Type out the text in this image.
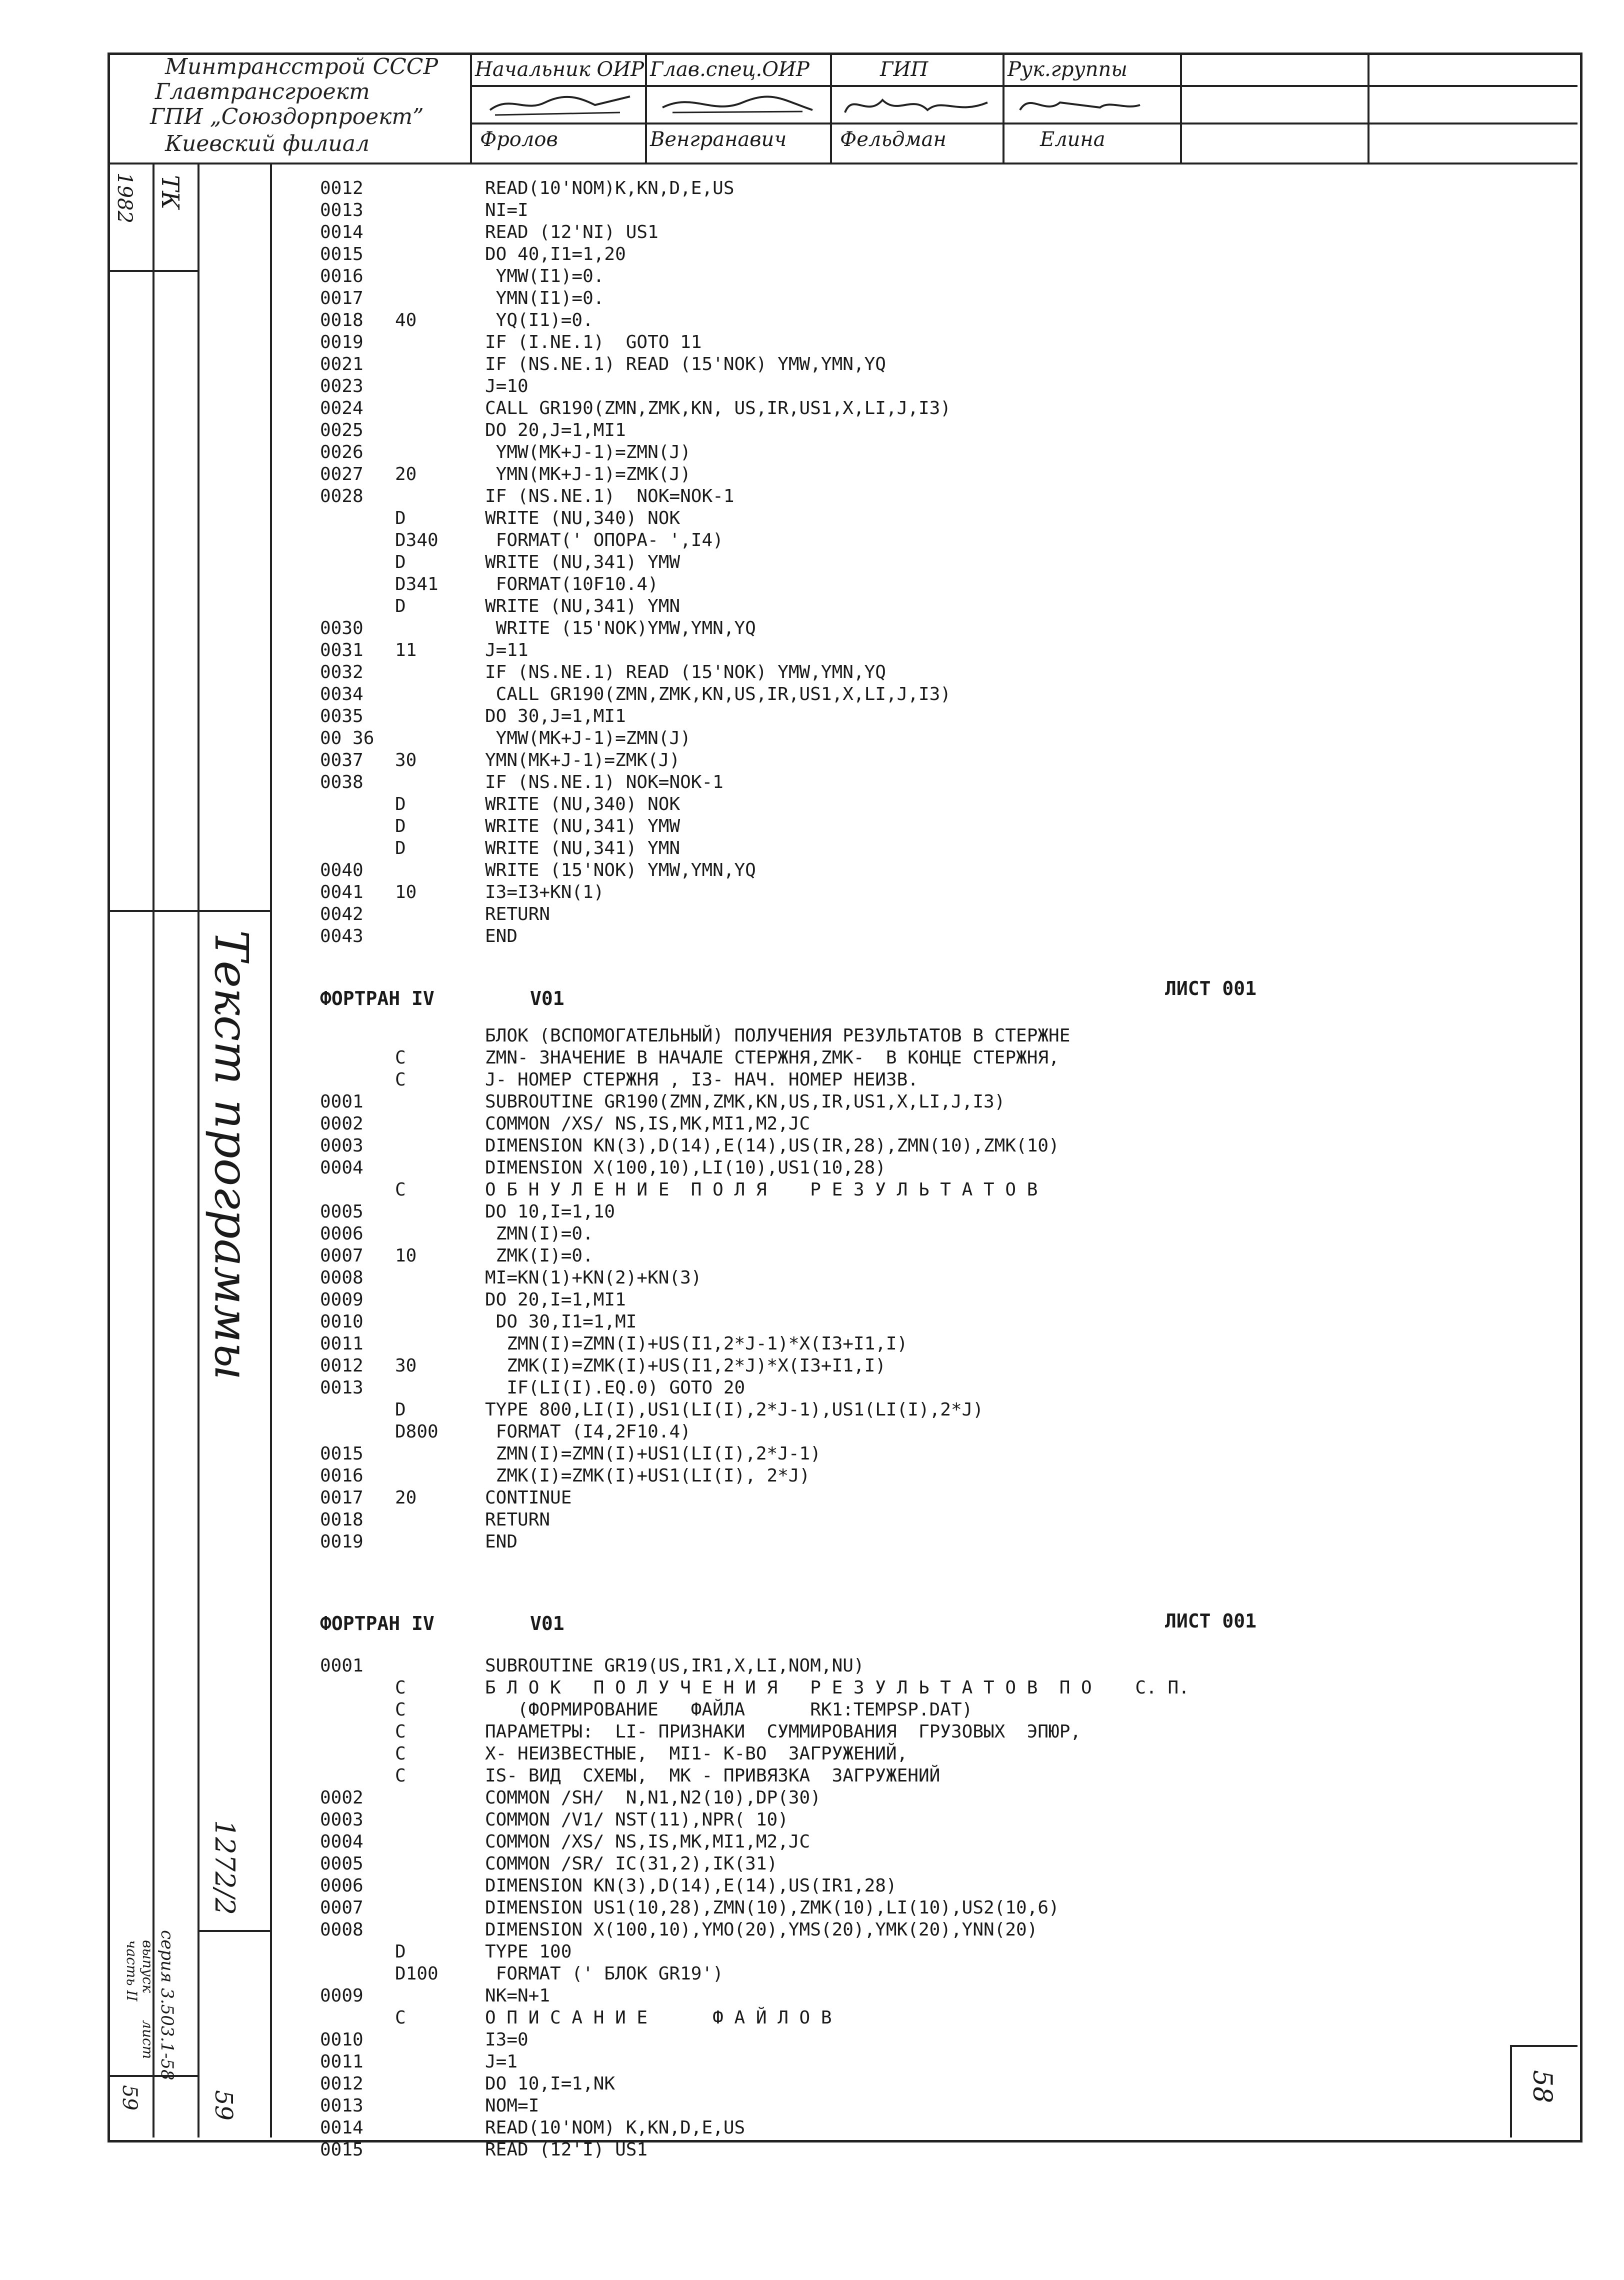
Минтрансстрой СССР
Главтрансгроект
ГПИ „Союздорпроект”
Киевский филиал
Начальник ОИР Глав.спец.ОИР	ГИП	Рук.группы
Фролов	Венгранавич	Фельдман	Елина
1982 ТК
Текст программы
1272/2
59
серия 3.503.1-58
выпуск
лист
часть II
59	58
0012	READ(10'NOM)K,KN,D,E,US
0013	NI=I
0014	READ (12'NI) US1
0015	DO 40,I1=1,20
0016	YMW(I1)=0.
0017	YMN(I1)=0.
0018	40	YQ(I1)=0.
0019	IF (I.NE.1)  GOTO 11
0021	IF (NS.NE.1) READ (15'NOK) YMW,YMN,YQ
0023	J=10
0024	CALL GR190(ZMN,ZMK,KN, US,IR,US1,X,LI,J,I3)
0025	DO 20,J=1,MI1
0026	YMW(MK+J-1)=ZMN(J)
0027	20	YMN(MK+J-1)=ZMK(J)
0028	IF (NS.NE.1)  NOK=NOK-1
D	WRITE (NU,340) NOK
D340	FORMAT(' ОПОРА- ',I4)
D	WRITE (NU,341) YMW
D341	FORMAT(10F10.4)
D	WRITE (NU,341) YMN
0030	WRITE (15'NOK)YMW,YMN,YQ
0031	11	J=11
0032	IF (NS.NE.1) READ (15'NOK) YMW,YMN,YQ
0034	CALL GR190(ZMN,ZMK,KN,US,IR,US1,X,LI,J,I3)
0035	DO 30,J=1,MI1
00 36	YMW(MK+J-1)=ZMN(J)
0037	30	YMN(MK+J-1)=ZMK(J)
0038	IF (NS.NE.1) NOK=NOK-1
D	WRITE (NU,340) NOK
D	WRITE (NU,341) YMW
D	WRITE (NU,341) YMN
0040	WRITE (15'NOK) YMW,YMN,YQ
0041	10	I3=I3+KN(1)
0042	RETURN
0043	END
ФОРТРАН IV	V01	ЛИСТ 001
БЛОК (ВСПОМОГАТЕЛЬНЫЙ) ПОЛУЧЕНИЯ РЕЗУЛЬТАТОВ В СТЕРЖНЕ
C	ZMN- ЗНАЧЕНИЕ В НАЧАЛЕ СТЕРЖНЯ,ZMK-  В КОНЦЕ СТЕРЖНЯ,
C	J- НОМЕР СТЕРЖНЯ , I3- НАЧ. НОМЕР НЕИЗВ.
0001	SUBROUTINE GR190(ZMN,ZMK,KN,US,IR,US1,X,LI,J,I3)
0002	COMMON /XS/ NS,IS,MK,MI1,M2,JC
0003	DIMENSION KN(3),D(14),E(14),US(IR,28),ZMN(10),ZMK(10)
0004	DIMENSION X(100,10),LI(10),US1(10,28)
C	О Б Н У Л Е Н И Е  П О Л Я    Р Е З У Л Ь Т А Т О В
0005	DO 10,I=1,10
0006	ZMN(I)=0.
0007	10	ZMK(I)=0.
0008	MI=KN(1)+KN(2)+KN(3)
0009	DO 20,I=1,MI1
0010	DO 30,I1=1,MI
0011	ZMN(I)=ZMN(I)+US(I1,2*J-1)*X(I3+I1,I)
0012	30	ZMK(I)=ZMK(I)+US(I1,2*J)*X(I3+I1,I)
0013	IF(LI(I).EQ.0) GOTO 20
D	TYPE 800,LI(I),US1(LI(I),2*J-1),US1(LI(I),2*J)
D800	FORMAT (I4,2F10.4)
0015	ZMN(I)=ZMN(I)+US1(LI(I),2*J-1)
0016	ZMK(I)=ZMK(I)+US1(LI(I), 2*J)
0017	20	CONTINUE
0018	RETURN
0019	END
ФОРТРАН IV	V01	ЛИСТ 001
0001	SUBROUTINE GR19(US,IR1,X,LI,NOM,NU)
C	Б Л О К   П О Л У Ч Е Н И Я   Р Е З У Л Ь Т А Т О В  П О    С. П.
C	(ФОРМИРОВАНИЕ   ФАЙЛА      RK1:TEMPSP.DAT)
C	ПАРАМЕТРЫ:  LI- ПРИЗНАКИ  СУММИРОВАНИЯ  ГРУЗОВЫХ  ЭПЮР,
C	X- НЕИЗВЕСТНЫЕ,  MI1- К-ВО  ЗАГРУЖЕНИЙ,
C	IS- ВИД  СХЕМЫ,  MK - ПРИВЯЗКА  ЗАГРУЖЕНИЙ
0002	COMMON /SH/  N,N1,N2(10),DP(30)
0003	COMMON /V1/ NST(11),NPR( 10)
0004	COMMON /XS/ NS,IS,MK,MI1,M2,JC
0005	COMMON /SR/ IC(31,2),IK(31)
0006	DIMENSION KN(3),D(14),E(14),US(IR1,28)
0007	DIMENSION US1(10,28),ZMN(10),ZMK(10),LI(10),US2(10,6)
0008	DIMENSION X(100,10),YMO(20),YMS(20),YMK(20),YNN(20)
D	TYPE 100
D100	FORMAT (' БЛОК GR19')
0009	NK=N+1
C	О П И С А Н И Е      Ф А Й Л О В
0010	I3=0
0011	J=1
0012	DO 10,I=1,NK
0013	NOM=I
0014	READ(10'NOM) K,KN,D,E,US
0015	READ (12'I) US1
